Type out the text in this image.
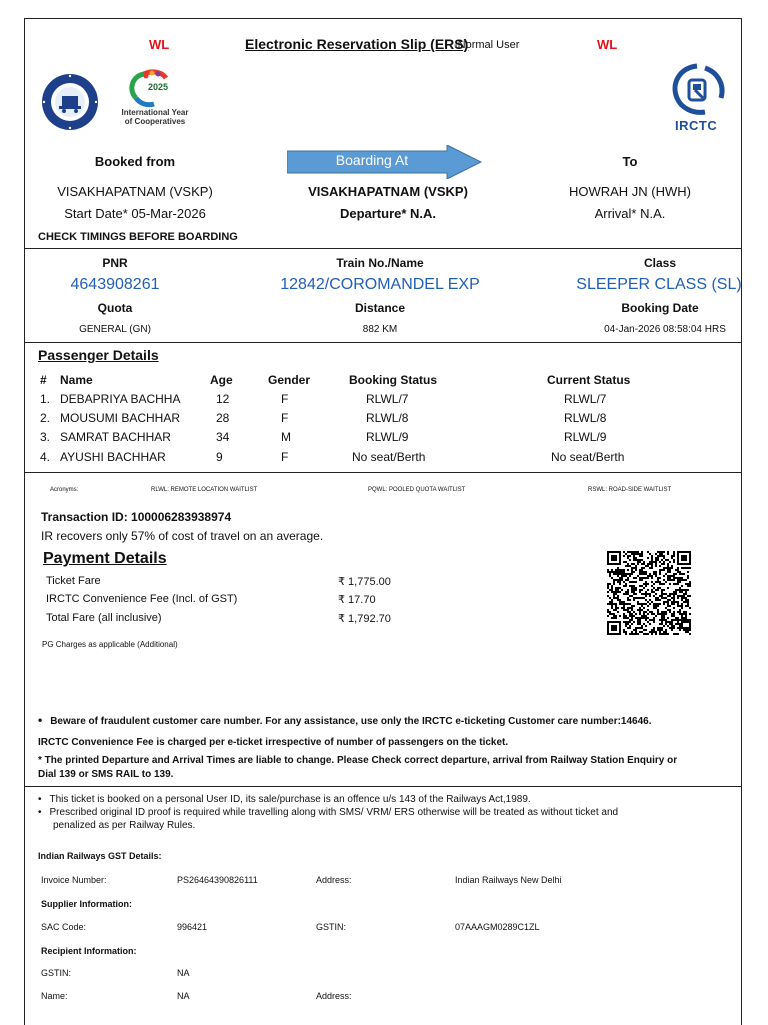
WL	Electronic Reservation Slip (ERS)
-Normal User	WL
2025
International Year
of Cooperatives	IRCTC
Booked from	Boarding At	To
VISAKHAPATNAM (VSKP)	VISAKHAPATNAM (VSKP)	HOWRAH JN (HWH)
Start Date* 05-Mar-2026	Departure* N.A.	Arrival* N.A.
CHECK TIMINGS BEFORE BOARDING
PNR	Train No./Name	Class
4643908261	12842/COROMANDEL EXP	SLEEPER CLASS (SL)
Quota	Distance	Booking Date
GENERAL (GN)	882 KM	04-Jan-2026 08:58:04 HRS
Passenger Details
# Name	Age	Gender	Booking Status	Current Status
1. DEBAPRIYA BACHHA	12	F	RLWL/7	RLWL/7
2. MOUSUMI BACHHAR	28	F	RLWL/8	RLWL/8
3. SAMRAT BACHHAR	34	M	RLWL/9	RLWL/9
4. AYUSHI BACHHAR	9	F	No seat/Berth	No seat/Berth
Acronyms:	RLWL: REMOTE LOCATION WAITLIST	PQWL: POOLED QUOTA WAITLIST	RSWL: ROAD-SIDE WAITLIST
Transaction ID: 100006283938974
IR recovers only 57% of cost of travel on an average.
Payment Details
Ticket Fare	₹ 1,775.00
IRCTC Convenience Fee (Incl. of GST)	₹ 17.70
Total Fare (all inclusive)	₹ 1,792.70
PG Charges as applicable (Additional)
• Beware of fraudulent customer care number. For any assistance, use only the IRCTC e-ticketing Customer care number:14646.
IRCTC Convenience Fee is charged per e-ticket irrespective of number of passengers on the ticket.
* The printed Departure and Arrival Times are liable to change. Please Check correct departure, arrival from Railway Station Enquiry or
Dial 139 or SMS RAIL to 139.
• This ticket is booked on a personal User ID, its sale/purchase is an offence u/s 143 of the Railways Act,1989.
• Prescribed original ID proof is required while travelling along with SMS/ VRM/ ERS otherwise will be treated as without ticket and
penalized as per Railway Rules.
Indian Railways GST Details:
Invoice Number:	PS26464390826111	Address:	Indian Railways New Delhi
Supplier Information:
SAC Code:	996421	GSTIN:	07AAAGM0289C1ZL
Recipient Information:
GSTIN:	NA
Name:	NA	Address:
